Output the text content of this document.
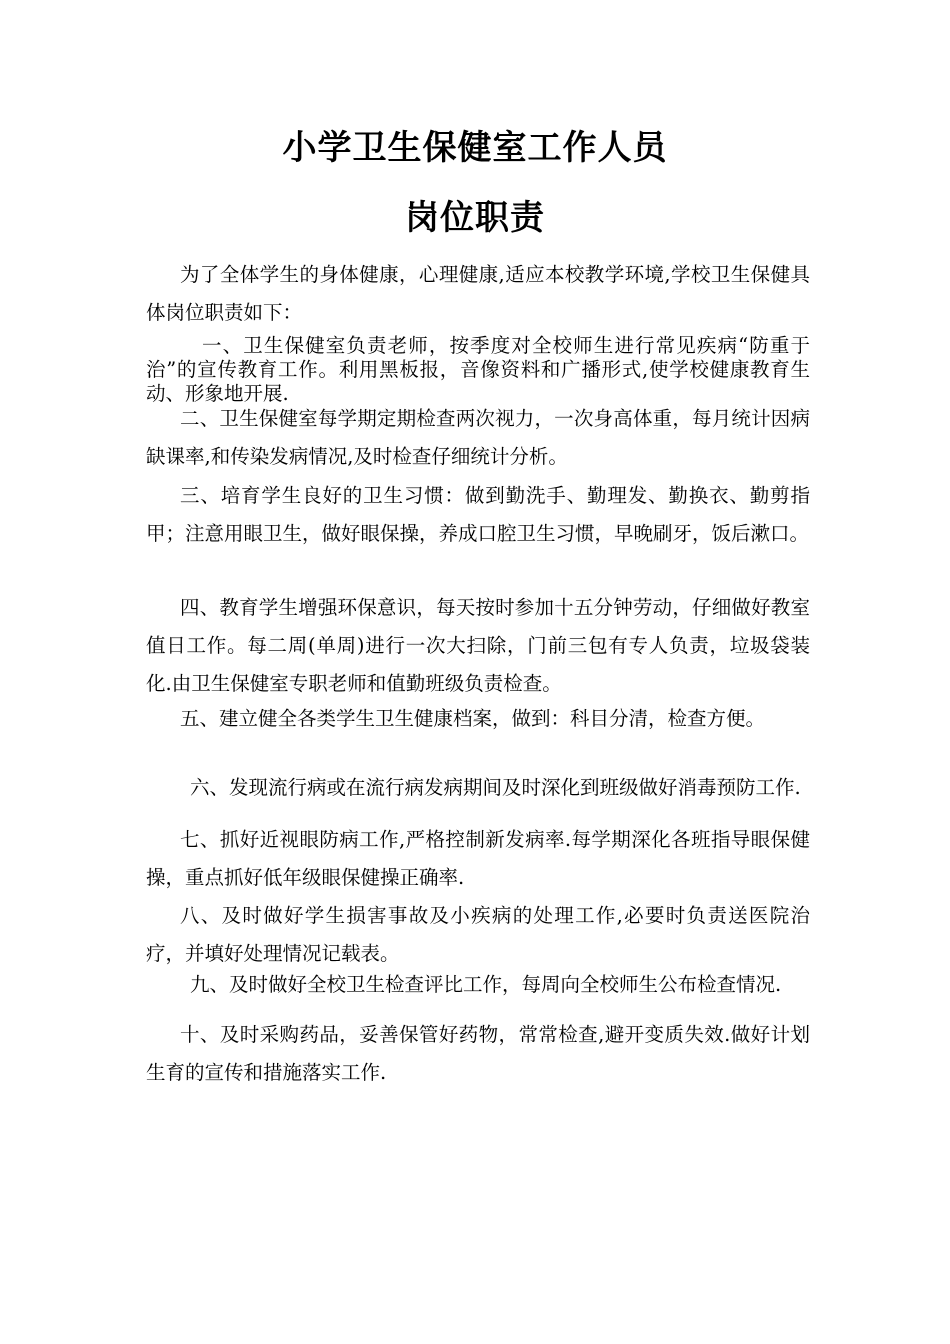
小学卫生保健室工作人员
岗位职责

为了全体学生的身体健康，心理健康,适应本校教学环境,学校卫生保健具体岗位职责如下：

一、卫生保健室负责老师，按季度对全校师生进行常见疾病“防重于治”的宣传教育工作。利用黑板报，音像资料和广播形式,使学校健康教育生动、形象地开展.

二、卫生保健室每学期定期检查两次视力，一次身高体重，每月统计因病缺课率,和传染发病情况,及时检查仔细统计分析。

三、培育学生良好的卫生习惯：做到勤洗手、勤理发、勤换衣、勤剪指甲；注意用眼卫生，做好眼保操，养成口腔卫生习惯，早晚刷牙，饭后漱口。

四、教育学生增强环保意识，每天按时参加十五分钟劳动，仔细做好教室值日工作。每二周(单周)进行一次大扫除，门前三包有专人负责，垃圾袋装化.由卫生保健室专职老师和值勤班级负责检查。

五、建立健全各类学生卫生健康档案，做到：科目分清，检查方便。

六、发现流行病或在流行病发病期间及时深化到班级做好消毒预防工作.

七、抓好近视眼防病工作,严格控制新发病率.每学期深化各班指导眼保健操，重点抓好低年级眼保健操正确率.

八、及时做好学生损害事故及小疾病的处理工作,必要时负责送医院治疗，并填好处理情况记载表。

九、及时做好全校卫生检查评比工作，每周向全校师生公布检查情况.

十、及时采购药品，妥善保管好药物，常常检查,避开变质失效.做好计划生育的宣传和措施落实工作.
